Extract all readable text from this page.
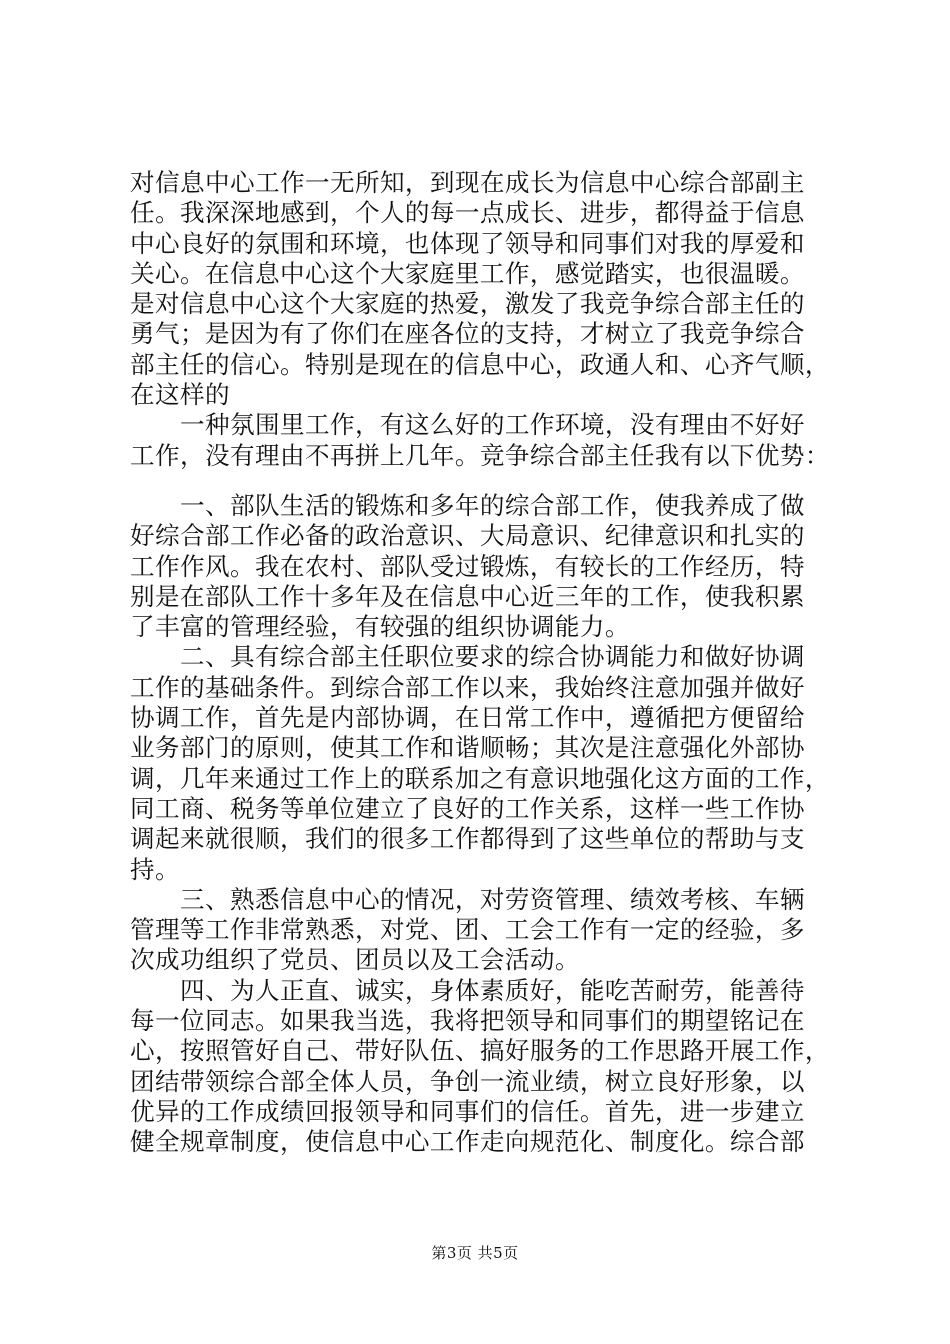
对信息中心工作一无所知，到现在成长为信息中心综合部副主
任。我深深地感到，个人的每一点成长、进步，都得益于信息
中心良好的氛围和环境，也体现了领导和同事们对我的厚爱和
关心。在信息中心这个大家庭里工作，感觉踏实，也很温暖。
是对信息中心这个大家庭的热爱，激发了我竞争综合部主任的
勇气；是因为有了你们在座各位的支持，才树立了我竞争综合
部主任的信心。特别是现在的信息中心，政通人和、心齐气顺，
在这样的
　　一种氛围里工作，有这么好的工作环境，没有理由不好好
工作，没有理由不再拼上几年。竞争综合部主任我有以下优势：
　　一、部队生活的锻炼和多年的综合部工作，使我养成了做
好综合部工作必备的政治意识、大局意识、纪律意识和扎实的
工作作风。我在农村、部队受过锻炼，有较长的工作经历，特
别是在部队工作十多年及在信息中心近三年的工作，使我积累
了丰富的管理经验，有较强的组织协调能力。
　　二、具有综合部主任职位要求的综合协调能力和做好协调
工作的基础条件。到综合部工作以来，我始终注意加强并做好
协调工作，首先是内部协调，在日常工作中，遵循把方便留给
业务部门的原则，使其工作和谐顺畅；其次是注意强化外部协
调，几年来通过工作上的联系加之有意识地强化这方面的工作，
同工商、税务等单位建立了良好的工作关系，这样一些工作协
调起来就很顺，我们的很多工作都得到了这些单位的帮助与支
持。
　　三、熟悉信息中心的情况，对劳资管理、绩效考核、车辆
管理等工作非常熟悉，对党、团、工会工作有一定的经验，多
次成功组织了党员、团员以及工会活动。
　　四、为人正直、诚实，身体素质好，能吃苦耐劳，能善待
每一位同志。如果我当选，我将把领导和同事们的期望铭记在
心，按照管好自己、带好队伍、搞好服务的工作思路开展工作，
团结带领综合部全体人员，争创一流业绩，树立良好形象，以
优异的工作成绩回报领导和同事们的信任。首先，进一步建立
健全规章制度，使信息中心工作走向规范化、制度化。综合部
第3页 共5页
